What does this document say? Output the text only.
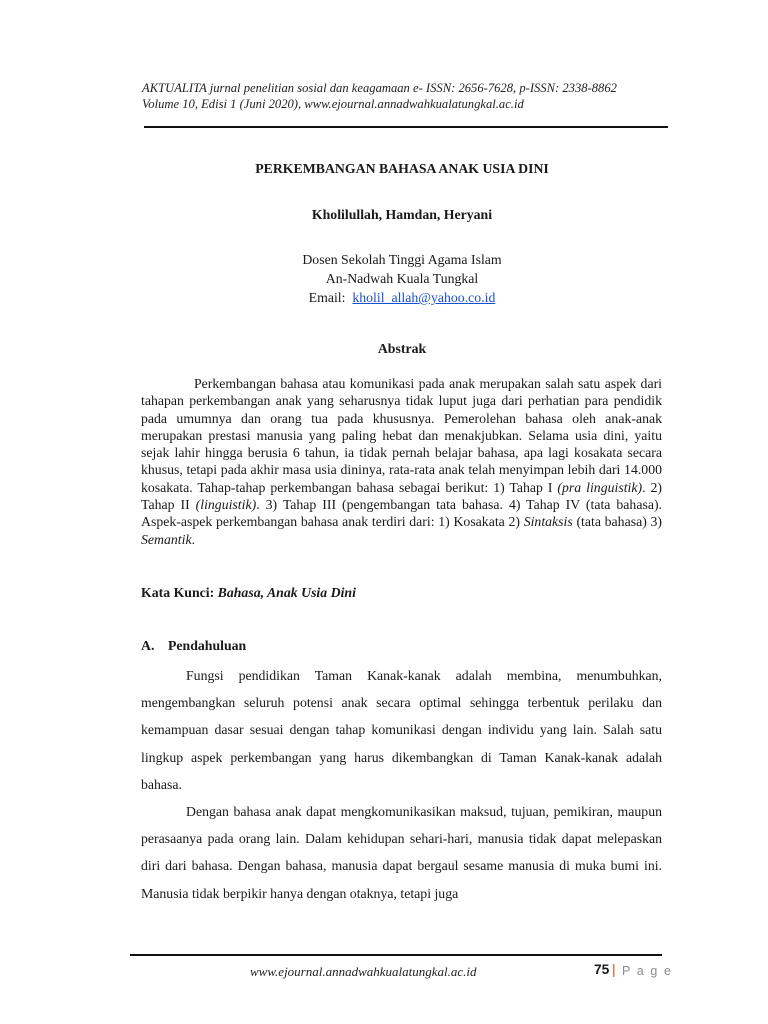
AKTUALITA jurnal penelitian sosial dan keagamaan e- ISSN: 2656-7628, p-ISSN: 2338-8862
Volume 10, Edisi 1 (Juni 2020), www.ejournal.annadwahkualatungkal.ac.id
PERKEMBANGAN BAHASA ANAK USIA DINI
Kholilullah, Hamdan, Heryani
Dosen Sekolah Tinggi Agama Islam
An-Nadwah Kuala Tungkal
Email: kholil_allah@yahoo.co.id
Abstrak
Perkembangan bahasa atau komunikasi pada anak merupakan salah satu aspek dari tahapan perkembangan anak yang seharusnya tidak luput juga dari perhatian para pendidik pada umumnya dan orang tua pada khususnya. Pemerolehan bahasa oleh anak-anak merupakan prestasi manusia yang paling hebat dan menakjubkan. Selama usia dini, yaitu sejak lahir hingga berusia 6 tahun, ia tidak pernah belajar bahasa, apa lagi kosakata secara khusus, tetapi pada akhir masa usia dininya, rata-rata anak telah menyimpan lebih dari 14.000 kosakata. Tahap-tahap perkembangan bahasa sebagai berikut: 1) Tahap I (pra linguistik). 2) Tahap II (linguistik). 3) Tahap III (pengembangan tata bahasa. 4) Tahap IV (tata bahasa). Aspek-aspek perkembangan bahasa anak terdiri dari: 1) Kosakata 2) Sintaksis (tata bahasa) 3) Semantik.
Kata Kunci: Bahasa, Anak Usia Dini
A. Pendahuluan

Fungsi pendidikan Taman Kanak-kanak adalah membina, menumbuhkan, mengembangkan seluruh potensi anak secara optimal sehingga terbentuk perilaku dan kemampuan dasar sesuai dengan tahap komunikasi dengan individu yang lain. Salah satu lingkup aspek perkembangan yang harus dikembangkan di Taman Kanak-kanak adalah bahasa.

Dengan bahasa anak dapat mengkomunikasikan maksud, tujuan, pemikiran, maupun perasaanya pada orang lain. Dalam kehidupan sehari-hari, manusia tidak dapat melepaskan diri dari bahasa. Dengan bahasa, manusia dapat bergaul sesame manusia di muka bumi ini. Manusia tidak berpikir hanya dengan otaknya, tetapi juga

www.ejournal.annadwahkualatungkal.ac.id	75 | P a g e
